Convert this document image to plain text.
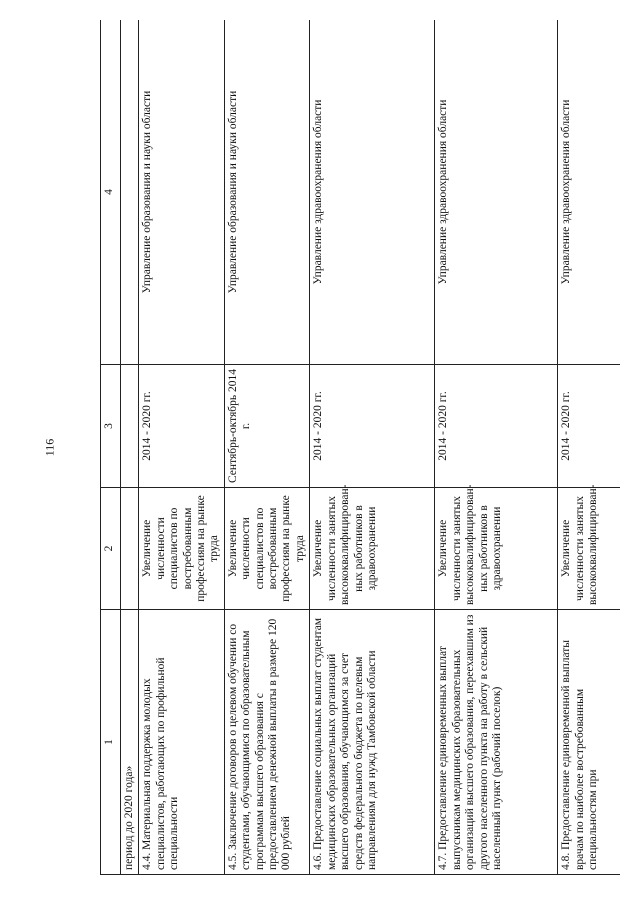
116
1	2	3	4
период до 2020 года»			
4.4. Материальная поддержка молодых специалистов, работающих по профильной специальности	Увеличение численности специалистов по востребованным профессиям на рынке труда	2014 - 2020 гг.	Управление образования и науки области
4.5. Заключение договоров о целевом обучении со студентами, обучающимися по образовательным программам высшего образования с предоставлением денежной выплаты в размере 120 000 рублей	Увеличение численности специалистов по востребованным профессиям на рынке труда	Сентябрь-октябрь 2014 г.	Управление образования и науки области
4.6. Предоставление социальных выплат студентам медицинских образовательных организаций высшего образования, обучающимся за счет средств федерального бюджета по целевым направлениям для нужд Тамбовской области	Увеличение численности занятых высококвалифицирован-ных работников в здравоохранении	2014 - 2020 гг.	Управление здравоохранения области
4.7. Предоставление единовременных выплат выпускникам медицинских образовательных организаций высшего образования, переехавшим из другого населенного пункта на работу в сельский населенный пункт (рабочий поселок)	Увеличение численности занятых высококвалифицирован-ных работников в здравоохранении	2014 - 2020 гг.	Управление здравоохранения области
4.8. Предоставление единовременной выплаты врачам по наиболее востребованным специальностям при	Увеличение численности занятых высококвалифицирован-	2014 - 2020 гг.	Управление здравоохранения области
